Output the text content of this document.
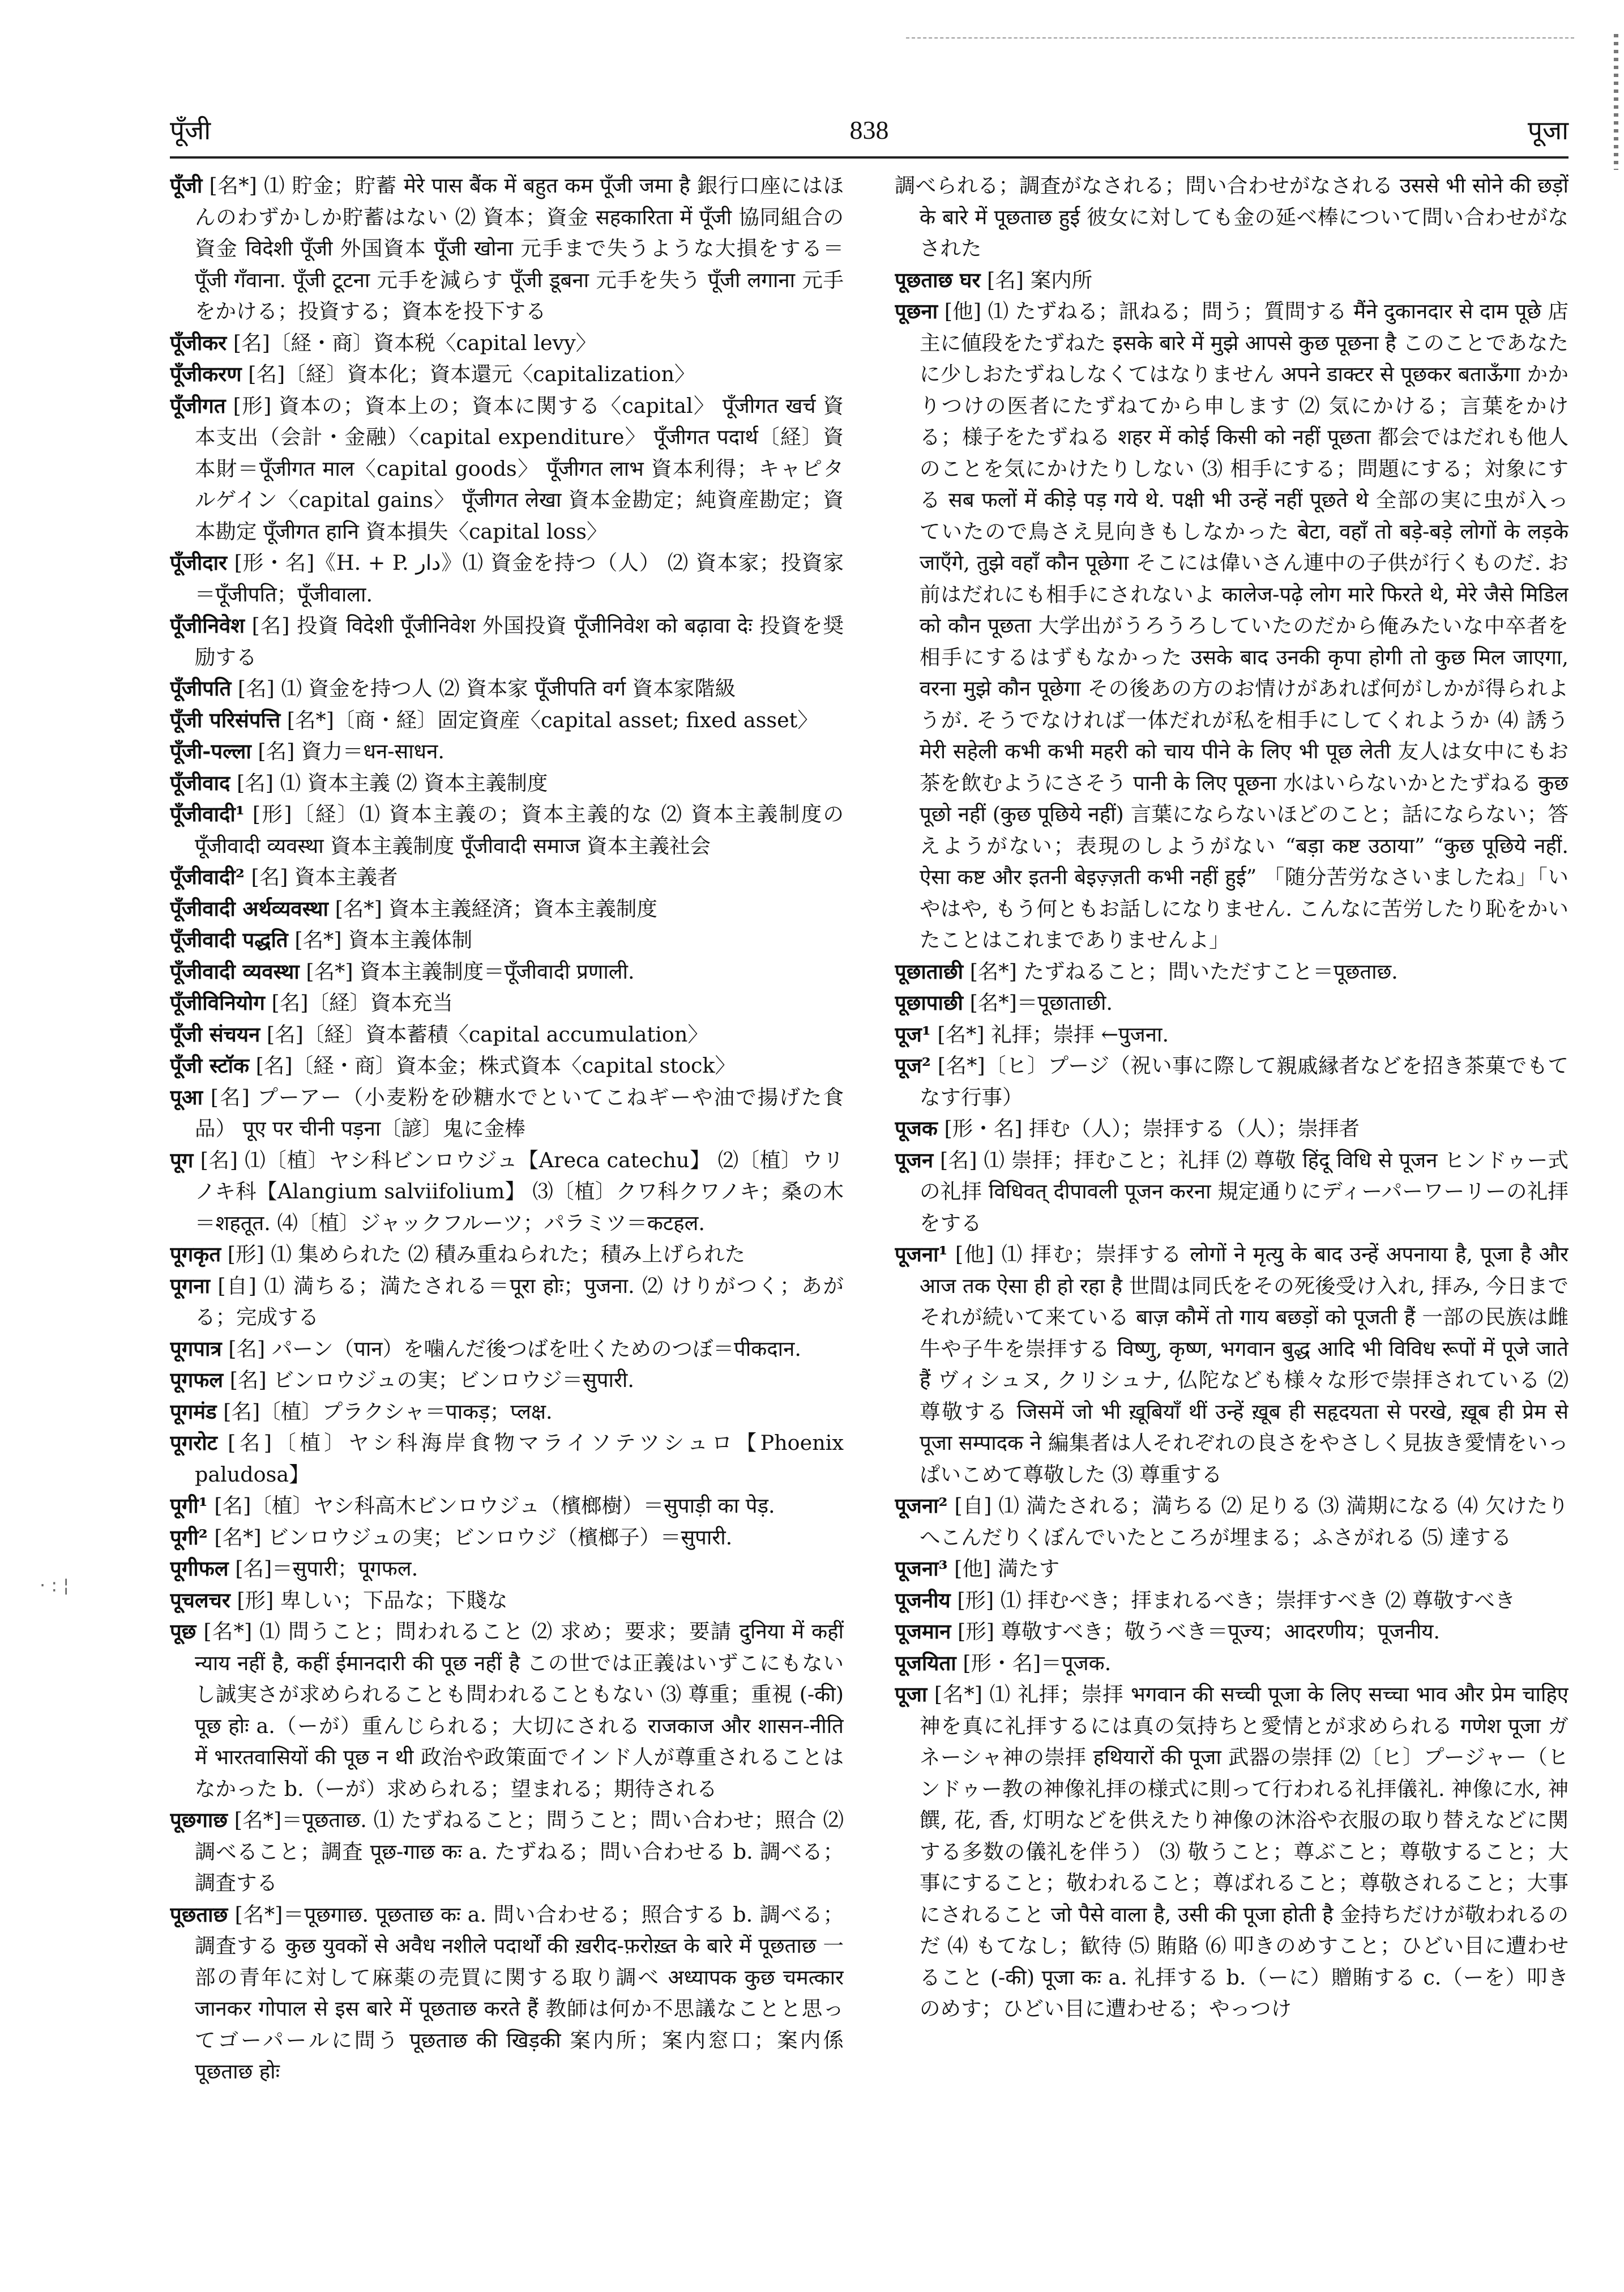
· : ¦
पूँजी	838	पूजा
पूँजी [名*] ⑴ 貯金；貯蓄 मेरे पास बैंक में बहुत कम पूँजी जमा है 銀行口座にはほんのわずかしか貯蓄はない ⑵ 資本；資金 सहकारिता में पूँजी 協同組合の資金 विदेशी पूँजी 外国資本 पूँजी खोना 元手まで失うような大損をする＝पूँजी गँवाना. पूँजी टूटना 元手を減らす पूँजी डूबना 元手を失う पूँजी लगाना 元手をかける；投資する；資本を投下する
पूँजीकर [名]〔経・商〕資本税〈capital levy〉
पूँजीकरण [名]〔経〕資本化；資本還元〈capitalization〉
पूँजीगत [形] 資本の；資本上の；資本に関する〈capital〉 पूँजीगत खर्च 資本支出（会計・金融）〈capital expenditure〉 पूँजीगत पदार्थ〔経〕資本財＝पूँजीगत माल〈capital goods〉 पूँजीगत लाभ 資本利得；キャピタルゲイン〈capital gains〉 पूँजीगत लेखा 資本金勘定；純資産勘定；資本勘定 पूँजीगत हानि 資本損失〈capital loss〉
पूँजीदार [形・名]《H. + P. دار》⑴ 資金を持つ（人） ⑵ 資本家；投資家＝पूँजीपति；पूँजीवाला.
पूँजीनिवेश [名] 投資 विदेशी पूँजीनिवेश 外国投資 पूँजीनिवेश को बढ़ावा देः 投資を奨励する
पूँजीपति [名] ⑴ 資金を持つ人 ⑵ 資本家 पूँजीपति वर्ग 資本家階級
पूँजी परिसंपत्ति [名*]〔商・経〕固定資産〈capital asset; fixed asset〉
पूँजी-पल्ला [名] 資力＝धन-साधन.
पूँजीवाद [名] ⑴ 資本主義 ⑵ 資本主義制度
पूँजीवादी¹ [形]〔経〕⑴ 資本主義の；資本主義的な ⑵ 資本主義制度の पूँजीवादी व्यवस्था 資本主義制度 पूँजीवादी समाज 資本主義社会
पूँजीवादी² [名] 資本主義者
पूँजीवादी अर्थव्यवस्था [名*] 資本主義経済；資本主義制度
पूँजीवादी पद्धति [名*] 資本主義体制
पूँजीवादी व्यवस्था [名*] 資本主義制度＝पूँजीवादी प्रणाली.
पूँजीविनियोग [名]〔経〕資本充当
पूँजी संचयन [名]〔経〕資本蓄積〈capital accumulation〉
पूँजी स्टॉक [名]〔経・商〕資本金；株式資本〈capital stock〉
पूआ [名] プーアー（小麦粉を砂糖水でといてこねギーや油で揚げた食品） पूए पर चीनी पड़ना〔諺〕鬼に金棒
पूग [名] ⑴〔植〕ヤシ科ビンロウジュ【Areca catechu】 ⑵〔植〕ウリノキ科【Alangium salviifolium】 ⑶〔植〕クワ科クワノキ；桑の木＝शहतूत. ⑷〔植〕ジャックフルーツ；パラミツ＝कटहल.
पूगकृत [形] ⑴ 集められた ⑵ 積み重ねられた；積み上げられた
पूगना [自] ⑴ 満ちる；満たされる＝पूरा होः；पुजना. ⑵ けりがつく；あがる；完成する
पूगपात्र [名] パーン（पान）を噛んだ後つばを吐くためのつぼ＝पीकदान.
पूगफल [名] ビンロウジュの実；ビンロウジ＝सुपारी.
पूगमंड [名]〔植〕プラクシャ＝पाकड़；प्लक्ष.
पूगरोट [名]〔植〕ヤシ科海岸食物マライソテツシュロ【Phoenix paludosa】
पूगी¹ [名]〔植〕ヤシ科高木ビンロウジュ（檳榔樹）＝सुपाड़ी का पेड़.
पूगी² [名*] ビンロウジュの実；ビンロウジ（檳榔子）＝सुपारी.
पूगीफल [名]＝सुपारी；पूगफल.
पूचलचर [形] 卑しい；下品な；下賤な
पूछ [名*] ⑴ 問うこと；問われること ⑵ 求め；要求；要請 दुनिया में कहीं न्याय नहीं है, कहीं ईमानदारी की पूछ नहीं है この世では正義はいずこにもないし誠実さが求められることも問われることもない ⑶ 尊重；重視 (-की) पूछ होः a.（ーが）重んじられる；大切にされる राजकाज और शासन-नीति में भारतवासियों की पूछ न थी 政治や政策面でインド人が尊重されることはなかった b.（ーが）求められる；望まれる；期待される
पूछगाछ [名*]＝पूछताछ. ⑴ たずねること；問うこと；問い合わせ；照合 ⑵ 調べること；調査 पूछ-गाछ कः a. たずねる；問い合わせる b. 調べる；調査する
पूछताछ [名*]＝पूछगाछ. पूछताछ कः a. 問い合わせる；照合する b. 調べる；調査する कुछ युवकों से अवैध नशीले पदार्थों की ख़रीद-फ़रोख़्त के बारे में पूछताछ 一部の青年に対して麻薬の売買に関する取り調べ अध्यापक कुछ चमत्कार जानकर गोपाल से इस बारे में पूछताछ करते हैं 教師は何か不思議なことと思ってゴーパールに問う पूछताछ की खिड़की 案内所；案内窓口；案内係 पूछताछ होः
調べられる；調査がなされる；問い合わせがなされる उससे भी सोने की छड़ों के बारे में पूछताछ हुई 彼女に対しても金の延べ棒について問い合わせがなされた
पूछताछ घर [名] 案内所
पूछना [他] ⑴ たずねる；訊ねる；問う；質問する मैंने दुकानदार से दाम पूछे 店主に値段をたずねた इसके बारे में मुझे आपसे कुछ पूछना है このことであなたに少しおたずねしなくてはなりません अपने डाक्टर से पूछकर बताऊँगा かかりつけの医者にたずねてから申します ⑵ 気にかける；言葉をかける；様子をたずねる शहर में कोई किसी को नहीं पूछता 都会ではだれも他人のことを気にかけたりしない ⑶ 相手にする；問題にする；対象にする सब फलों में कीड़े पड़ गये थे. पक्षी भी उन्हें नहीं पूछते थे 全部の実に虫が入っていたので鳥さえ見向きもしなかった बेटा, वहाँ तो बड़े-बड़े लोगों के लड़के जाएँगे, तुझे वहाँ कौन पूछेगा そこには偉いさん連中の子供が行くものだ. お前はだれにも相手にされないよ कालेज-पढ़े लोग मारे फिरते थे, मेरे जैसे मिडिल को कौन पूछता 大学出がうろうろしていたのだから俺みたいな中卒者を相手にするはずもなかった उसके बाद उनकी कृपा होगी तो कुछ मिल जाएगा, वरना मुझे कौन पूछेगा その後あの方のお情けがあれば何がしかが得られようが. そうでなければ一体だれが私を相手にしてくれようか ⑷ 誘う मेरी सहेली कभी कभी महरी को चाय पीने के लिए भी पूछ लेती 友人は女中にもお茶を飲むようにさそう पानी के लिए पूछना 水はいらないかとたずねる कुछ पूछो नहीं (कुछ पूछिये नहीं) 言葉にならないほどのこと；話にならない；答えようがない；表現のしようがない “बड़ा कष्ट उठाया” “कुछ पूछिये नहीं. ऐसा कष्ट और इतनी बेइज़्ज़ती कभी नहीं हुई” 「随分苦労なさいましたね」「いやはや, もう何ともお話しになりません. こんなに苦労したり恥をかいたことはこれまでありませんよ」
पूछाताछी [名*] たずねること；問いただすこと＝पूछताछ.
पूछापाछी [名*]＝पूछाताछी.
पूज¹ [名*] 礼拝；崇拝 ←पुजना.
पूज² [名*]〔ヒ〕プージ（祝い事に際して親戚縁者などを招き茶菓でもてなす行事）
पूजक [形・名] 拝む（人）；崇拝する（人）；崇拝者
पूजन [名] ⑴ 崇拝；拝むこと；礼拝 ⑵ 尊敬 हिंदू विधि से पूजन ヒンドゥー式の礼拝 विधिवत् दीपावली पूजन करना 規定通りにディーパーワーリーの礼拝をする
पूजना¹ [他] ⑴ 拝む；崇拝する लोगों ने मृत्यु के बाद उन्हें अपनाया है, पूजा है और आज तक ऐसा ही हो रहा है 世間は同氏をその死後受け入れ, 拝み, 今日までそれが続いて来ている बाज़ कौमें तो गाय बछड़ों को पूजती हैं 一部の民族は雌牛や子牛を崇拝する विष्णु, कृष्ण, भगवान बुद्ध आदि भी विविध रूपों में पूजे जाते हैं ヴィシュヌ, クリシュナ, 仏陀なども様々な形で崇拝されている ⑵ 尊敬する जिसमें जो भी ख़ूबियाँ थीं उन्हें ख़ूब ही सहृदयता से परखे, ख़ूब ही प्रेम से पूजा सम्पादक ने 編集者は人それぞれの良さをやさしく見抜き愛情をいっぱいこめて尊敬した ⑶ 尊重する
पूजना² [自] ⑴ 満たされる；満ちる ⑵ 足りる ⑶ 満期になる ⑷ 欠けたりへこんだりくぼんでいたところが埋まる；ふさがれる ⑸ 達する
पूजना³ [他] 満たす
पूजनीय [形] ⑴ 拝むべき；拝まれるべき；崇拝すべき ⑵ 尊敬すべき
पूजमान [形] 尊敬すべき；敬うべき＝पूज्य；आदरणीय；पूजनीय.
पूजयिता [形・名]＝पूजक.
पूजा [名*] ⑴ 礼拝；崇拝 भगवान की सच्ची पूजा के लिए सच्चा भाव और प्रेम चाहिए 神を真に礼拝するには真の気持ちと愛情とが求められる गणेश पूजा ガネーシャ神の崇拝 हथियारों की पूजा 武器の崇拝 ⑵〔ヒ〕プージャー（ヒンドゥー教の神像礼拝の様式に則って行われる礼拝儀礼. 神像に水, 神饌, 花, 香, 灯明などを供えたり神像の沐浴や衣服の取り替えなどに関する多数の儀礼を伴う） ⑶ 敬うこと；尊ぶこと；尊敬すること；大事にすること；敬われること；尊ばれること；尊敬されること；大事にされること जो पैसे वाला है, उसी की पूजा होती है 金持ちだけが敬われるのだ ⑷ もてなし；歓待 ⑸ 賄賂 ⑹ 叩きのめすこと；ひどい目に遭わせること (-की) पूजा कः a. 礼拝する b.（ーに）贈賄する c.（ーを）叩きのめす；ひどい目に遭わせる；やっつけ
